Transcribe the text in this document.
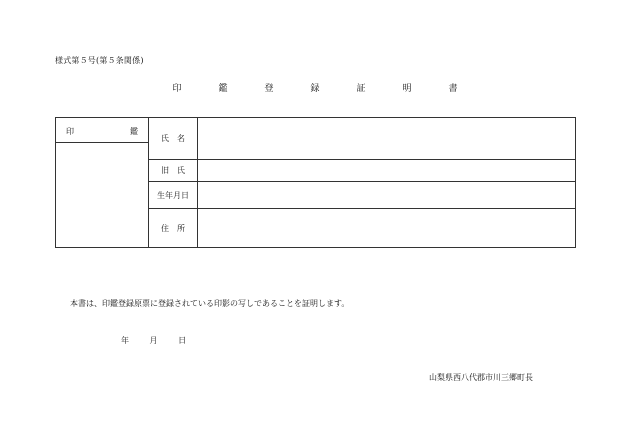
様式第５号(第５条関係)
印　鑑　登　録　証　明　書
印	鑑
氏　名
旧　氏
生年月日
住　所
本書は、印鑑登録原票に登録されている印影の写しであることを証明します。
年	月	日
山梨県西八代郡市川三郷町長
